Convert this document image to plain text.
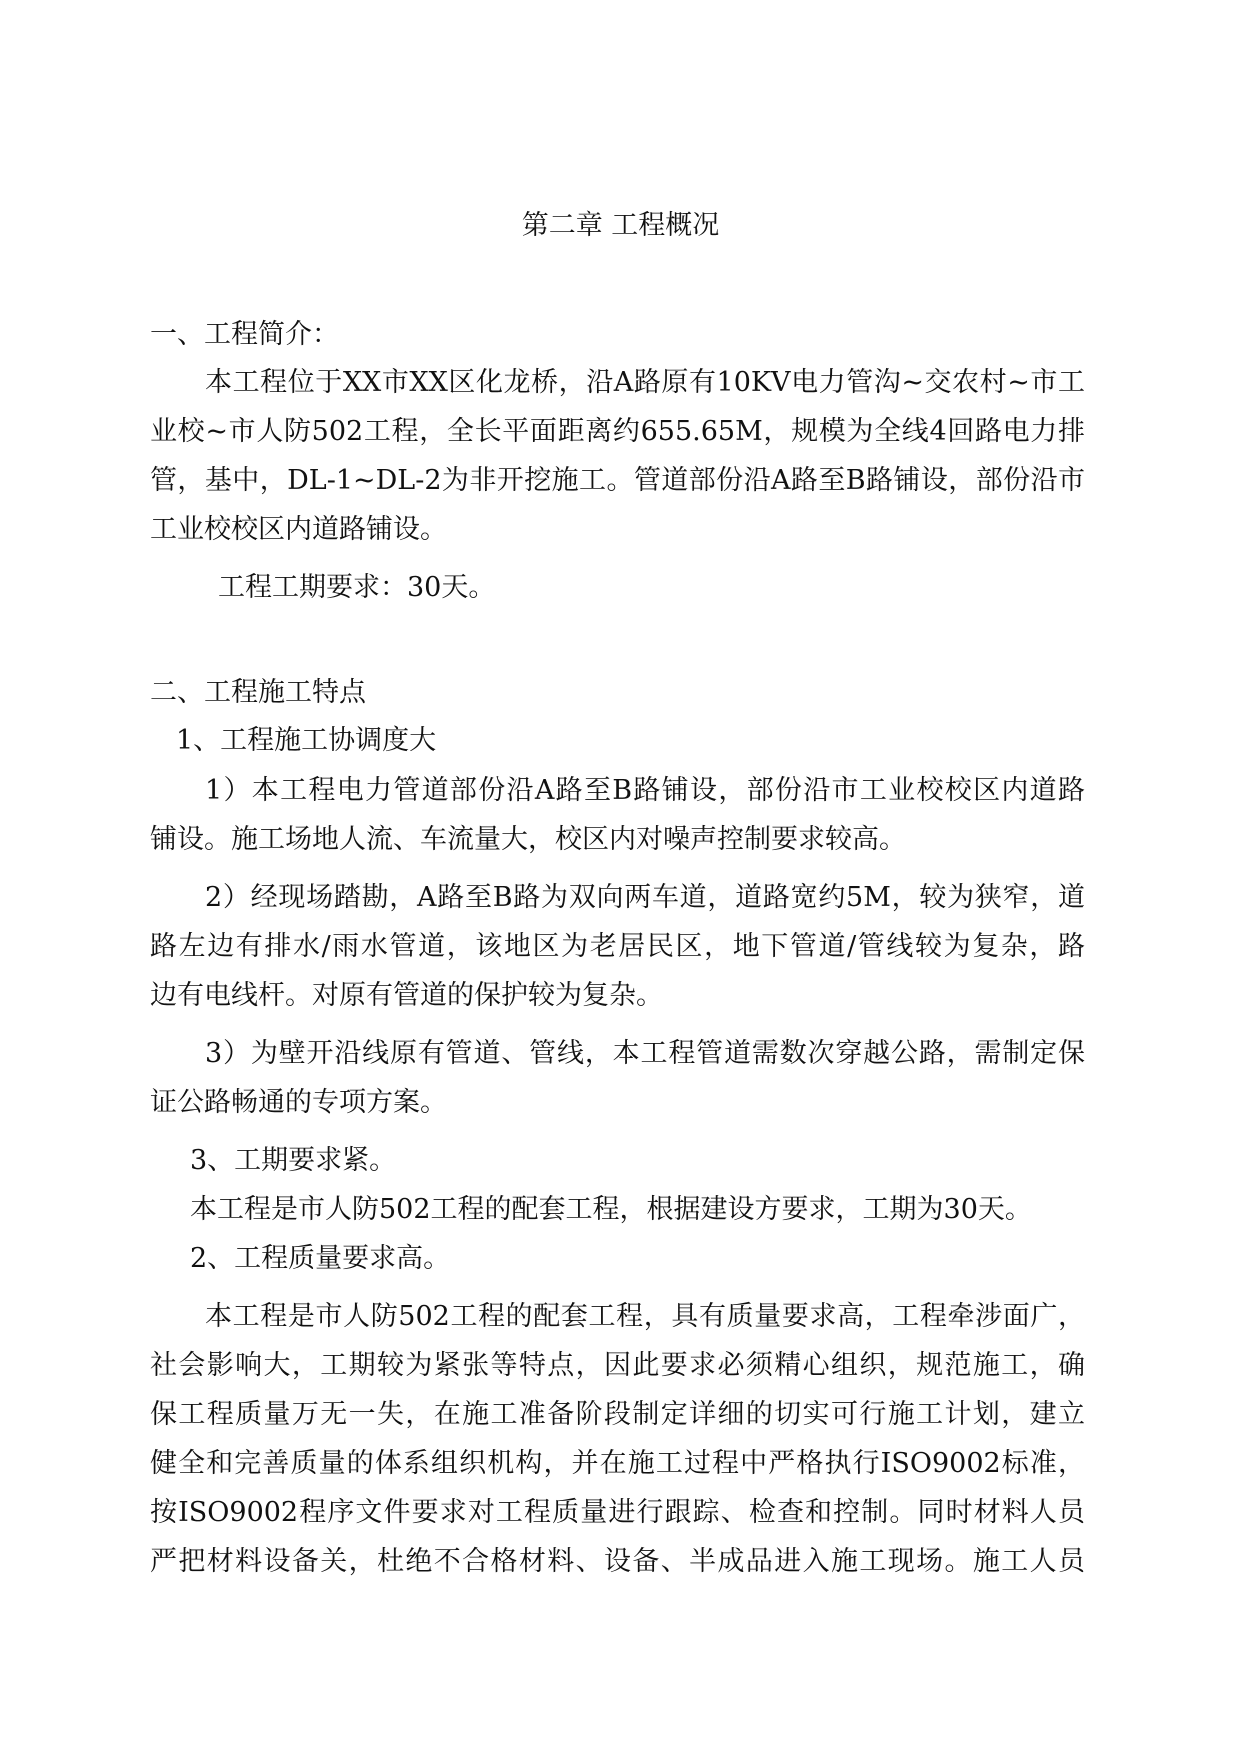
第二章 工程概况
一、工程简介：
本工程位于XX市XX区化龙桥，沿A路原有10KV电力管沟~交农村~市工
业校~市人防502工程，全长平面距离约655.65M，规模为全线4回路电力排
管，基中，DL-1~DL-2为非开挖施工。管道部份沿A路至B路铺设，部份沿市
工业校校区内道路铺设。
工程工期要求：30天。
二、工程施工特点
1、工程施工协调度大
1）本工程电力管道部份沿A路至B路铺设，部份沿市工业校校区内道路
铺设。施工场地人流、车流量大，校区内对噪声控制要求较高。
2）经现场踏勘，A路至B路为双向两车道，道路宽约5M，较为狭窄，道
路左边有排水/雨水管道，该地区为老居民区，地下管道/管线较为复杂，路
边有电线杆。对原有管道的保护较为复杂。
3）为壁开沿线原有管道、管线，本工程管道需数次穿越公路，需制定保
证公路畅通的专项方案。
3、工期要求紧。
本工程是市人防502工程的配套工程，根据建设方要求，工期为30天。
2、工程质量要求高。
本工程是市人防502工程的配套工程，具有质量要求高，工程牵涉面广，
社会影响大，工期较为紧张等特点，因此要求必须精心组织，规范施工，确
保工程质量万无一失，在施工准备阶段制定详细的切实可行施工计划，建立
健全和完善质量的体系组织机构，并在施工过程中严格执行ISO9002标准，
按ISO9002程序文件要求对工程质量进行跟踪、检查和控制。同时材料人员
严把材料设备关，杜绝不合格材料、设备、半成品进入施工现场。施工人员
